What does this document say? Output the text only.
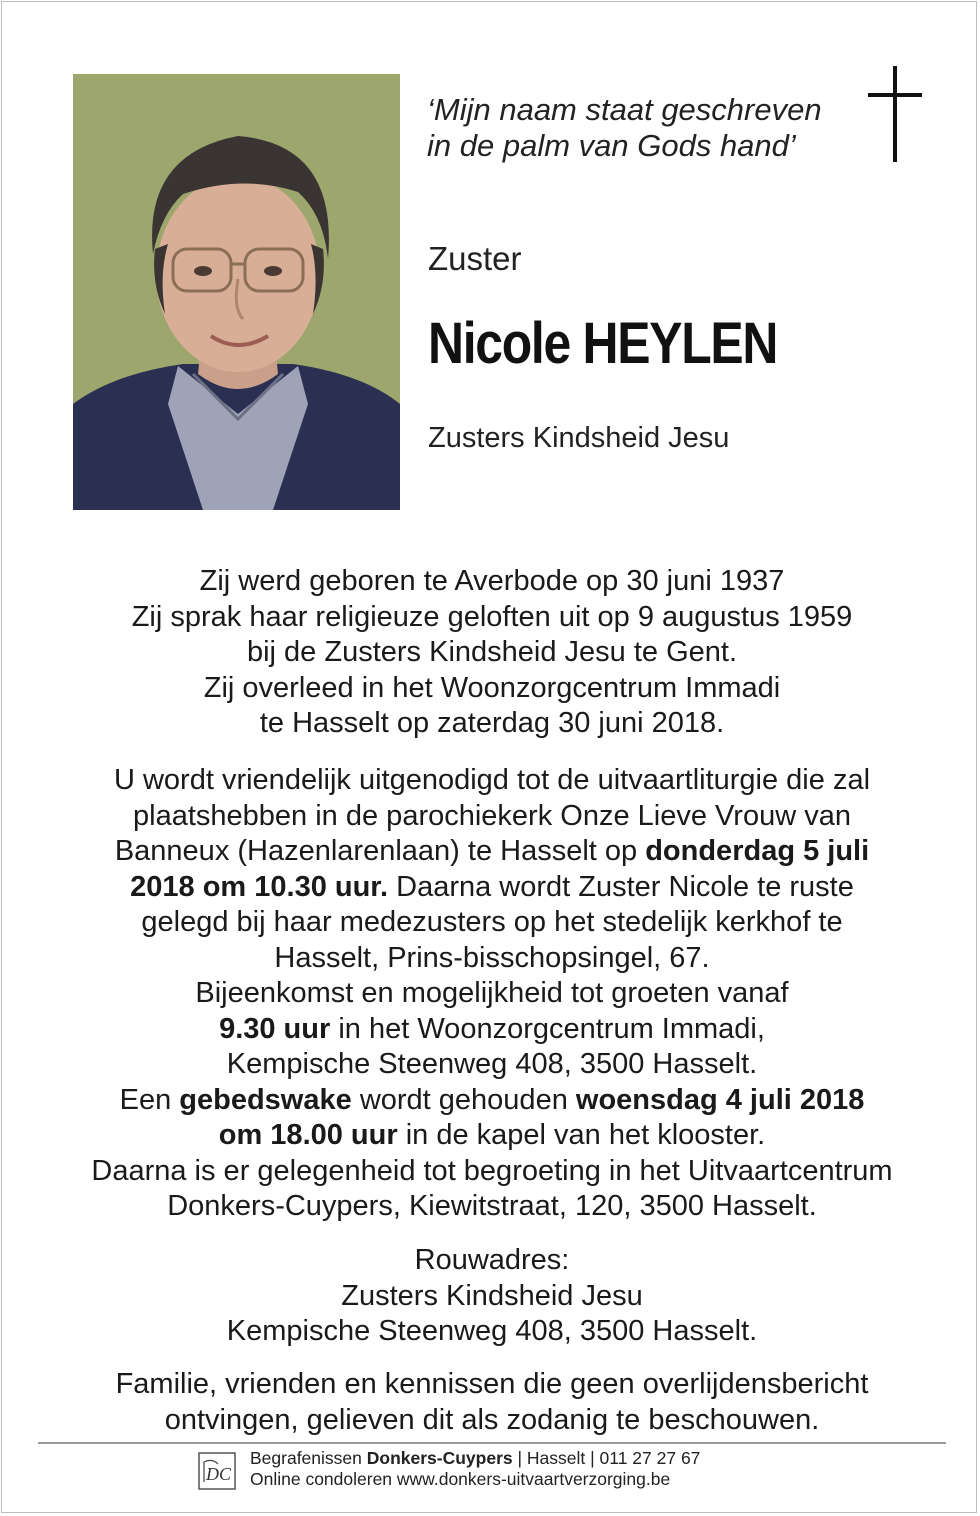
‘Mijn naam staat geschreven
in de palm van Gods hand’
Zuster
Nicole HEYLEN
Zusters Kindsheid Jesu
Zij werd geboren te Averbode op 30 juni 1937
Zij sprak haar religieuze geloften uit op 9 augustus 1959
bij de Zusters Kindsheid Jesu te Gent.
Zij overleed in het Woonzorgcentrum Immadi
te Hasselt op zaterdag 30 juni 2018.
U wordt vriendelijk uitgenodigd tot de uitvaartliturgie die zal
plaatshebben in de parochiekerk Onze Lieve Vrouw van
Banneux (Hazenlarenlaan) te Hasselt op donderdag 5 juli
2018 om 10.30 uur. Daarna wordt Zuster Nicole te ruste
gelegd bij haar medezusters op het stedelijk kerkhof te
Hasselt, Prins-bisschopsingel, 67.
Bijeenkomst en mogelijkheid tot groeten vanaf
9.30 uur in het Woonzorgcentrum Immadi,
Kempische Steenweg 408, 3500 Hasselt.
Een gebedswake wordt gehouden woensdag 4 juli 2018
om 18.00 uur in de kapel van het klooster.
Daarna is er gelegenheid tot begroeting in het Uitvaartcentrum
Donkers-Cuypers, Kiewitstraat, 120, 3500 Hasselt.
Rouwadres:
Zusters Kindsheid Jesu
Kempische Steenweg 408, 3500 Hasselt.
Familie, vrienden en kennissen die geen overlijdensbericht
ontvingen, gelieven dit als zodanig te beschouwen.
DC
Begrafenissen Donkers-Cuypers | Hasselt | 011 27 27 67
Online condoleren www.donkers-uitvaartverzorging.be
